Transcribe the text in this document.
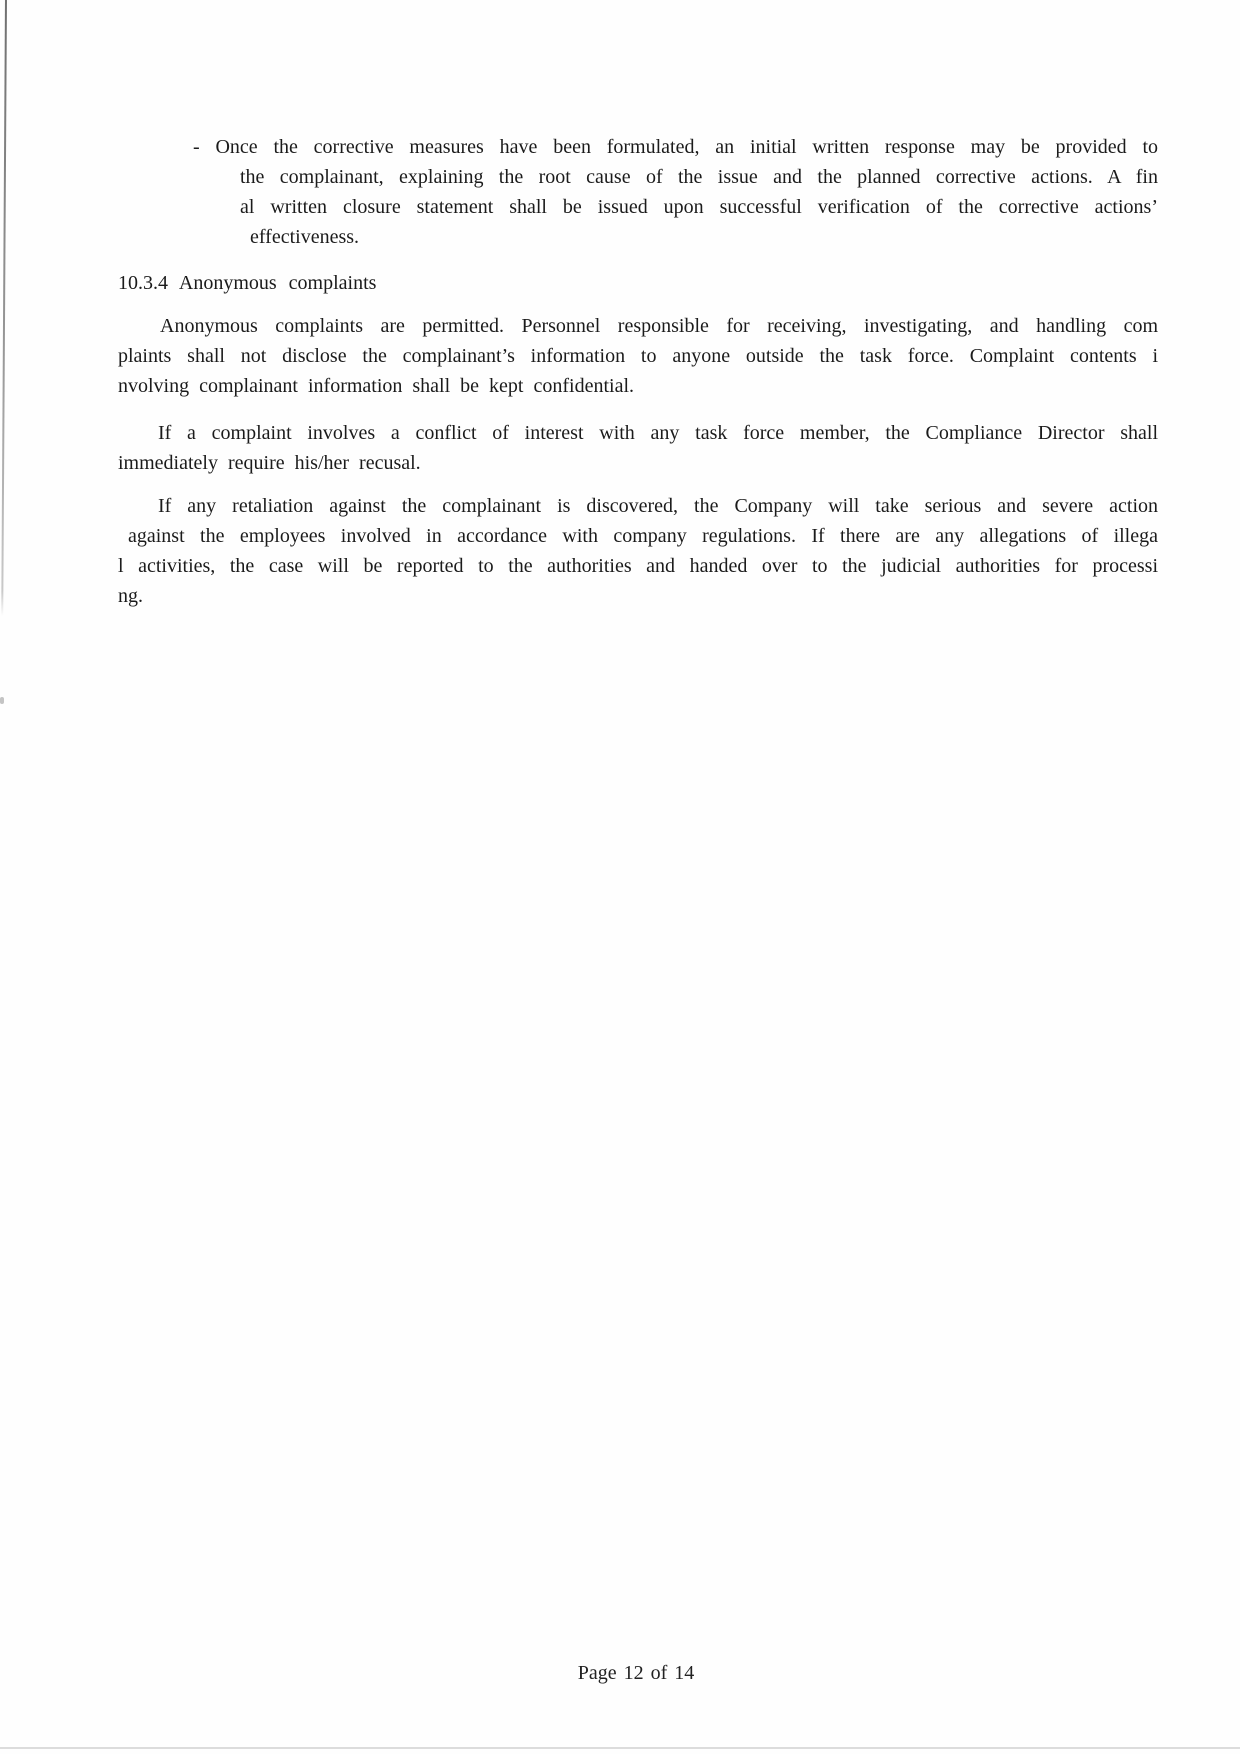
- Once the corrective measures have been formulated, an initial written response may be provided to
the complainant, explaining the root cause of the issue and the planned corrective actions. A fin
al written closure statement shall be issued upon successful verification of the corrective actions’
effectiveness.
10.3.4 Anonymous complaints
Anonymous complaints are permitted. Personnel responsible for receiving, investigating, and handling com
plaints shall not disclose the complainant’s information to anyone outside the task force. Complaint contents i
nvolving complainant information shall be kept confidential.
If a complaint involves a conflict of interest with any task force member, the Compliance Director shall
immediately require his/her recusal.
If any retaliation against the complainant is discovered, the Company will take serious and severe action
against the employees involved in accordance with company regulations. If there are any allegations of illega
l activities, the case will be reported to the authorities and handed over to the judicial authorities for processi
ng.
Page 12 of 14
